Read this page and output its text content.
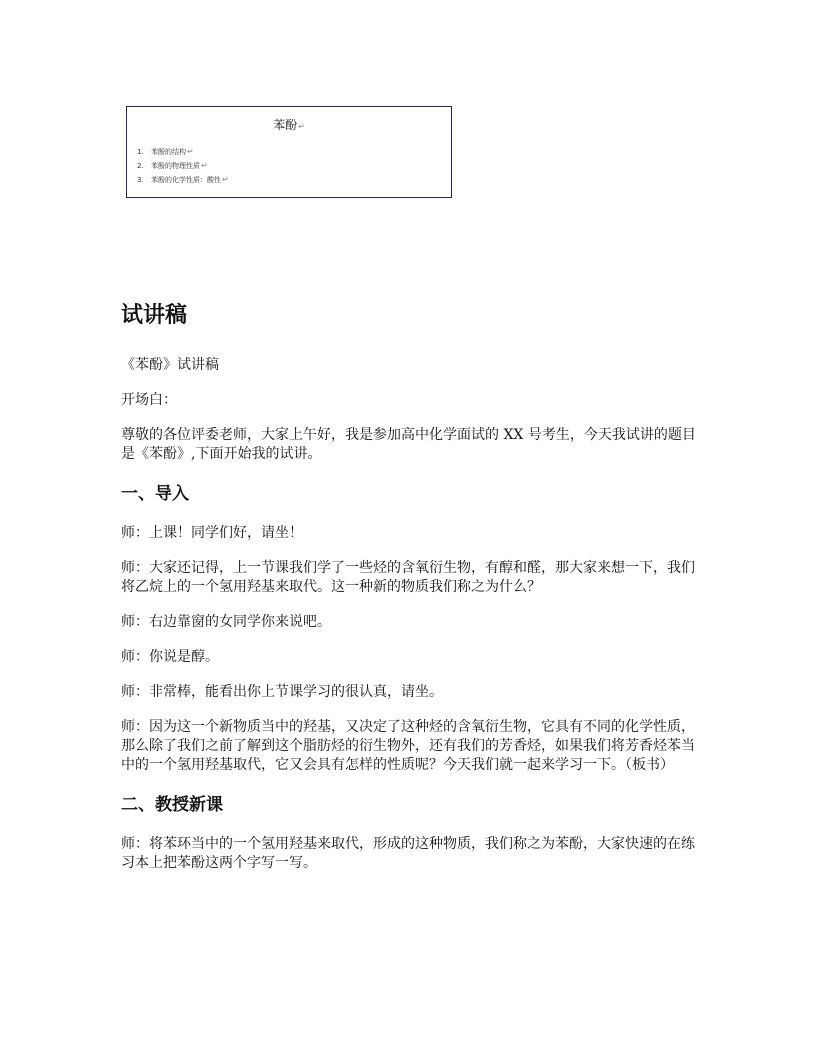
苯酚↵
1. 苯酚的结构↵
2. 苯酚的物理性质↵
3. 苯酚的化学性质：酸性↵
试讲稿

《苯酚》试讲稿

开场白：

尊敬的各位评委老师，大家上午好，我是参加高中化学面试的 XX 号考生，今天我试讲的题目是《苯酚》,下面开始我的试讲。

一、导入

师：上课！同学们好，请坐！

师：大家还记得，上一节课我们学了一些烃的含氧衍生物，有醇和醛，那大家来想一下，我们将乙烷上的一个氢用羟基来取代。这一种新的物质我们称之为什么？

师：右边靠窗的女同学你来说吧。

师：你说是醇。

师：非常棒，能看出你上节课学习的很认真，请坐。

师：因为这一个新物质当中的羟基，又决定了这种烃的含氧衍生物，它具有不同的化学性质，那么除了我们之前了解到这个脂肪烃的衍生物外，还有我们的芳香烃，如果我们将芳香烃苯当中的一个氢用羟基取代，它又会具有怎样的性质呢？今天我们就一起来学习一下。（板书）

二、教授新课

师：将苯环当中的一个氢用羟基来取代，形成的这种物质，我们称之为苯酚，大家快速的在练习本上把苯酚这两个字写一写。
